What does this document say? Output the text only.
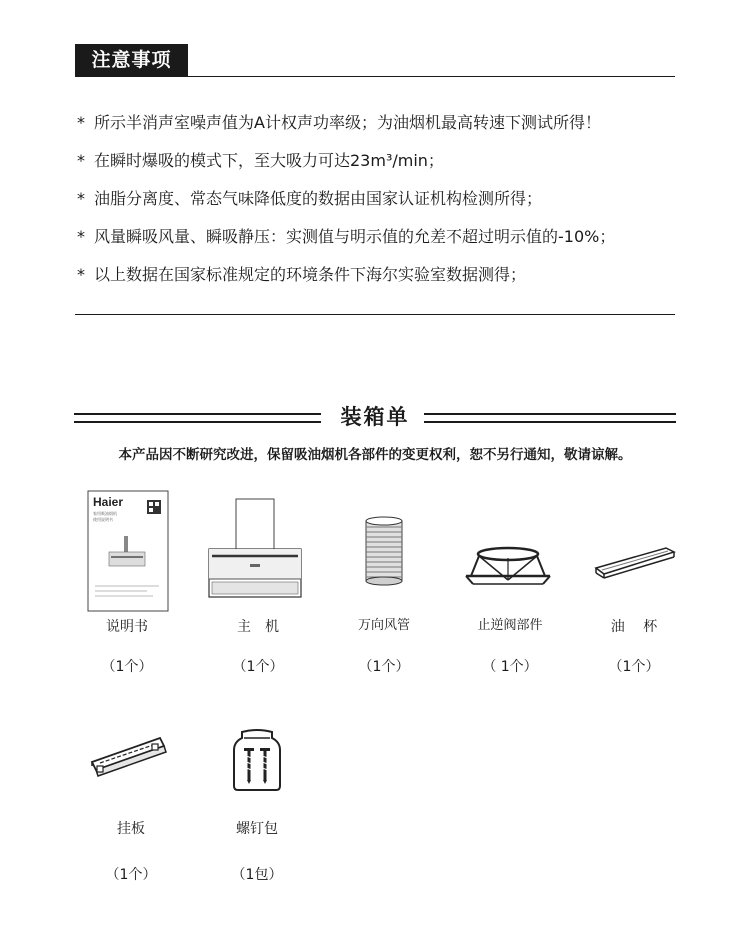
注意事项
* 所示半消声室噪声值为A计权声功率级；为油烟机最高转速下测试所得！
* 在瞬时爆吸的模式下，至大吸力可达23m³/min；
* 油脂分离度、常态气味降低度的数据由国家认证机构检测所得；
* 风量瞬吸风量、瞬吸静压：实测值与明示值的允差不超过明示值的-10%；
* 以上数据在国家标准规定的环境条件下海尔实验室数据测得；
装箱单
本产品因不断研究改进，保留吸油烟机各部件的变更权利，恕不另行通知，敬请谅解。
Haier
家用吸油烟机
使用说明书
说明书
（1个）
主　机
（1个）
万向风管
（1个）
止逆阀部件
（ 1个）
油　 杯
（1个）
挂板
（1个）
螺钉包
（1包）
